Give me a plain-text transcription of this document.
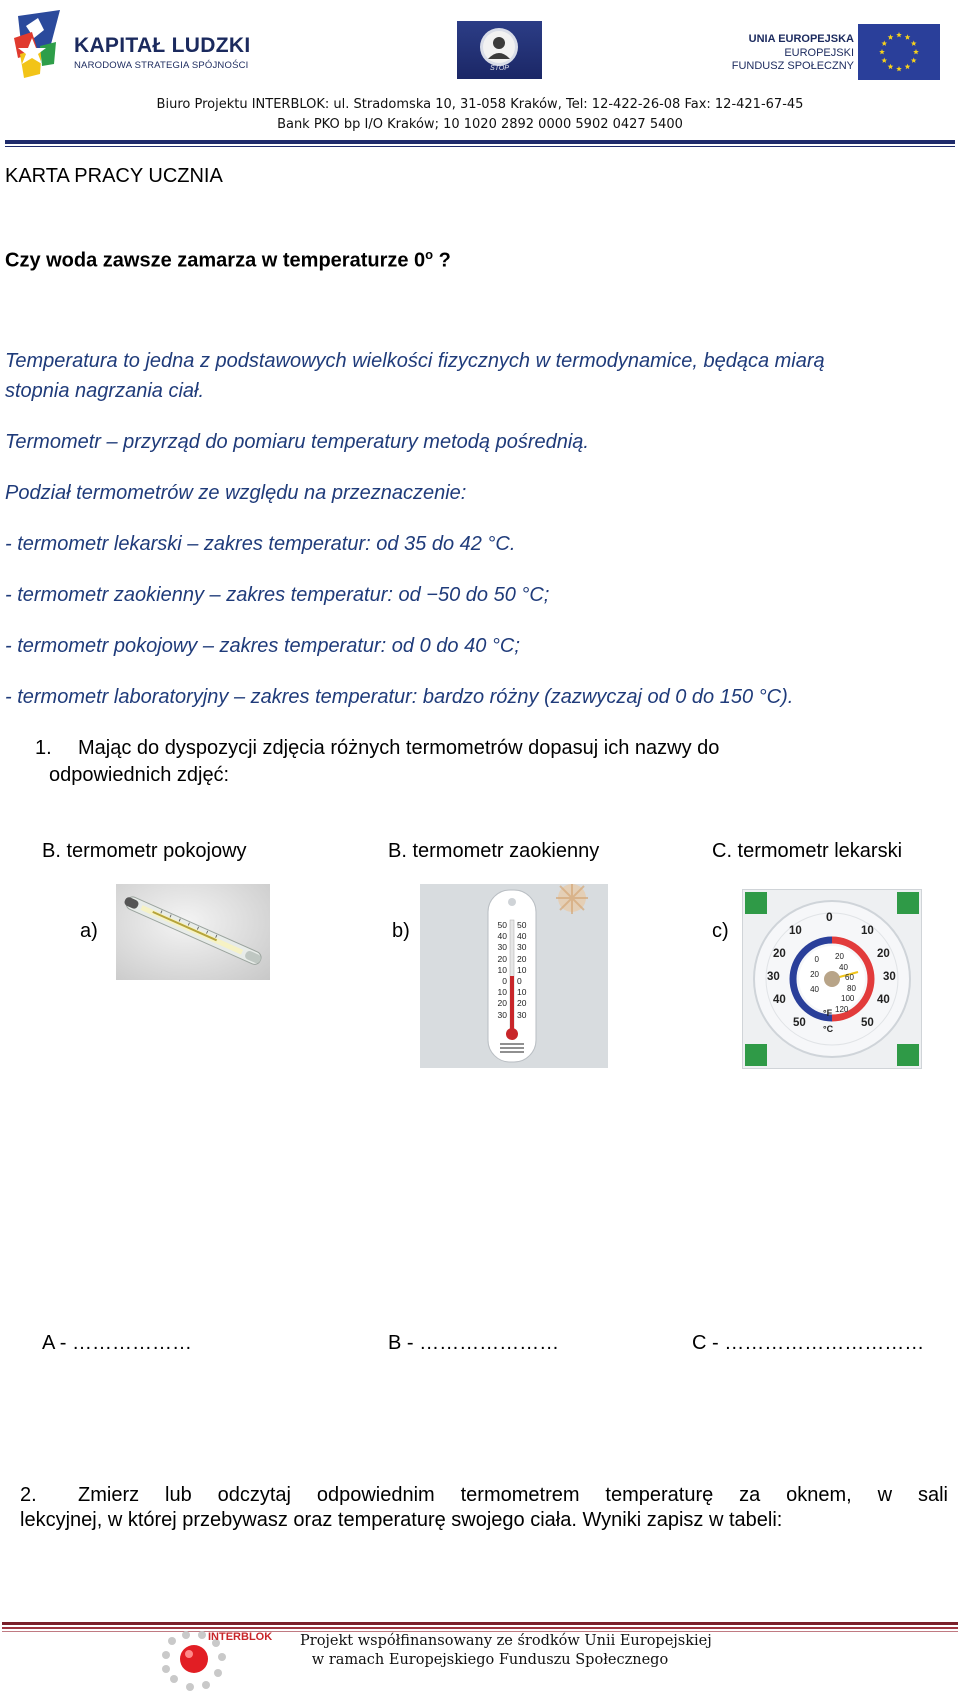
KAPITAŁ LUDZKI
NARODOWA STRATEGIA SPÓJNOŚCI	STOP
UNIA EUROPEJSKA
EUROPEJSKI
FUNDUSZ SPOŁECZNY
Biuro Projektu INTERBLOK: ul. Stradomska 10, 31-058 Kraków, Tel: 12-422-26-08 Fax: 12-421-67-45
Bank PKO bp I/O Kraków; 10 1020 2892 0000 5902 0427 5400
KARTA PRACY UCZNIA
Czy woda zawsze zamarza w temperaturze 0$^o$ ?
Temperatura to jedna z podstawowych wielkości fizycznych w termodynamice, będąca miarą
stopnia nagrzania ciał.
Termometr – przyrząd do pomiaru temperatury metodą pośrednią.
Podział termometrów ze względu na przeznaczenie:
- termometr lekarski – zakres temperatur: od 35 do 42 °C.
- termometr zaokienny – zakres temperatur: od −50 do 50 °C;
- termometr pokojowy – zakres temperatur: od 0 do 40 °C;
- termometr laboratoryjny – zakres temperatur: bardzo różny (zazwyczaj od 0 do 150 °C).
1. Mając do dyspozycji zdjęcia różnych termometrów dopasuj ich nazwy do
odpowiednich zdjęć:
B. termometr pokojowy	B. termometr zaokienny	C. termometr lekarski
a)	b)	c)
50
40
30
20
10
0
10
20
30
50
40
30
20
10
0
10
20
30
0
10
20
30
40
50
10
20
30
40
50
0
20
40
20
40
60
80
100
120
°F
°C
A - ………………	B - …………………	C - …………………………
2. Zmierz lub odczytaj odpowiednim termometrem temperaturę za oknem, w sali
lekcyjnej, w której przebywasz oraz temperaturę swojego ciała. Wyniki zapisz w tabeli:
INTERBLOK Projekt współfinansowany ze środków Unii Europejskiej
w ramach Europejskiego Funduszu Społecznego
